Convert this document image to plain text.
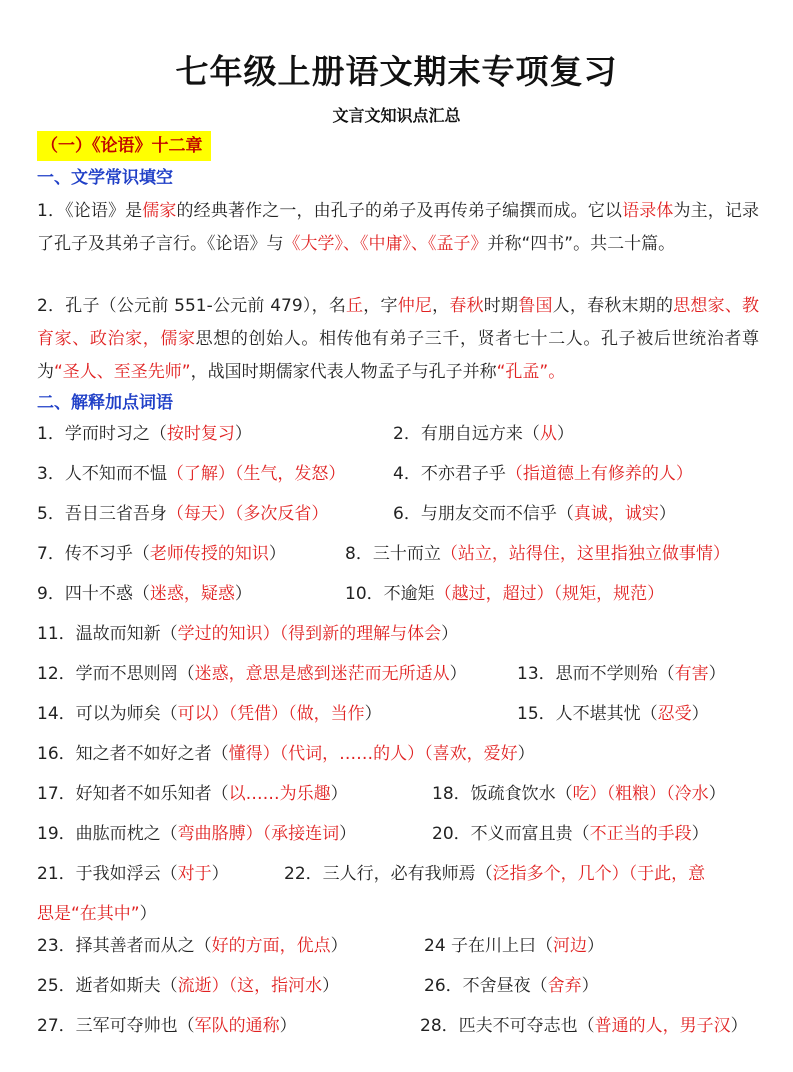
七年级上册语文期末专项复习
文言文知识点汇总
（一）《论语》十二章
一、文学常识填空
1．《论语》是儒家的经典著作之一，由孔子的弟子及再传弟子编撰而成。它以语录体为主，记录了孔子及其弟子言行。《论语》与《大学》、《中庸》、《孟子》并称“四书”。共二十篇。
2．孔子（公元前 551-公元前 479），名丘，字仲尼，春秋时期鲁国人，春秋末期的思想家、教育家、政治家，儒家思想的创始人。相传他有弟子三千，贤者七十二人。孔子被后世统治者尊为“圣人、至圣先师”，战国时期儒家代表人物孟子与孔子并称“孔孟”。
二、解释加点词语
1．学而时习之（按时复习）	2．有朋自远方来（从）
3．人不知而不愠（了解）（生气，发怒）	4．不亦君子乎（指道德上有修养的人）
5．吾日三省吾身（每天）（多次反省）	6．与朋友交而不信乎（真诚，诚实）
7．传不习乎（老师传授的知识）	8．三十而立（站立，站得住，这里指独立做事情）
9．四十不惑（迷惑，疑惑）	10．不逾矩（越过，超过）（规矩，规范）
11．温故而知新（学过的知识）（得到新的理解与体会）
12．学而不思则罔（迷惑，意思是感到迷茫而无所适从）	13．思而不学则殆（有害）
14．可以为师矣（可以）（凭借）（做，当作）	15．人不堪其忧（忍受）
16．知之者不如好之者（懂得）（代词，……的人）（喜欢，爱好）
17．好知者不如乐知者（以……为乐趣）	18．饭疏食饮水（吃）（粗粮）（冷水）
19．曲肱而枕之（弯曲胳膊）（承接连词）	20．不义而富且贵（不正当的手段）
21．于我如浮云（对于）	22．三人行，必有我师焉（泛指多个，几个）（于此，意
思是“在其中”）
23．择其善者而从之（好的方面，优点）	24 子在川上曰（河边）
25．逝者如斯夫（流逝）（这，指河水）	26．不舍昼夜（舍弃）
27．三军可夺帅也（军队的通称）	28．匹夫不可夺志也（普通的人，男子汉）
